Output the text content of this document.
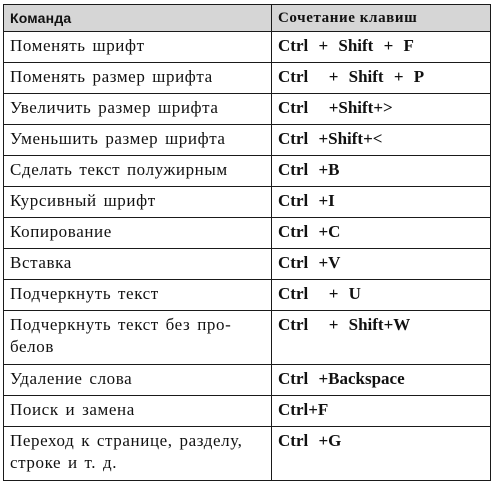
Команда	Сочетание клавиш
Поменять шрифт	Ctrl + Shift + F
Поменять размер шрифта	Ctrl  + Shift + P
Увеличить размер шрифта	Ctrl  +Shift+>
Уменьшить размер шрифта	Ctrl +Shift+<
Сделать текст полужирным	Ctrl +B
Курсивный шрифт	Ctrl +I
Копирование	Ctrl +C
Вставка	Ctrl +V
Подчеркнуть текст	Ctrl  + U
Подчеркнуть текст без про-
белов	Ctrl  + Shift+W
Удаление слова	Ctrl +Backspace
Поиск и замена	Ctrl+F
Переход к странице, разделу,
строке и т. д.	Ctrl +G
